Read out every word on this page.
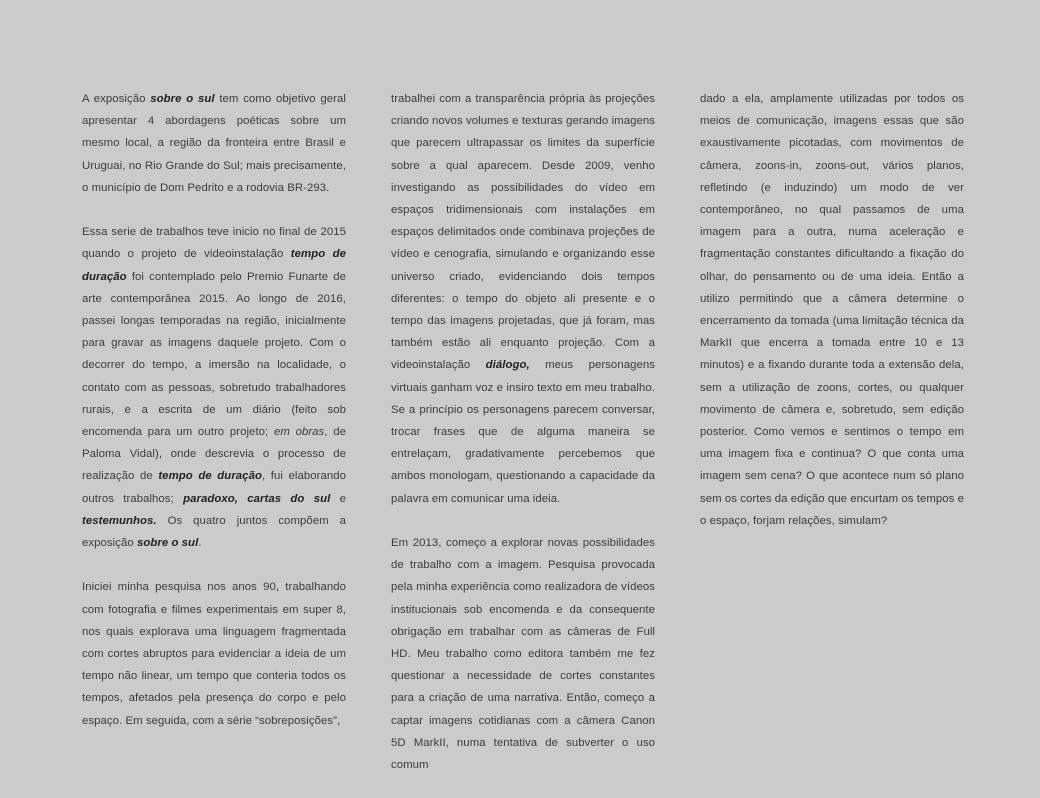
A exposição sobre o sul tem como objetivo geral apresentar 4 abordagens poéticas sobre um mesmo local, a região da fronteira entre Brasil e Uruguai, no Rio Grande do Sul; mais precisamente, o município de Dom Pedrito e a rodovia BR-293.

Essa serie de trabalhos teve inicio no final de 2015 quando o projeto de videoinstalação tempo de duração foi contemplado pelo Premio Funarte de arte contemporânea 2015. Ao longo de 2016, passei longas temporadas na região, inicialmente para gravar as imagens daquele projeto. Com o decorrer do tempo, a imersão na localidade, o contato com as pessoas, sobretudo trabalhadores rurais, e a escrita de um diário (feito sob encomenda para um outro projeto; em obras, de Paloma Vidal), onde descrevia o processo de realização de tempo de duração, fui elaborando outros trabalhos; paradoxo, cartas do sul e testemunhos. Os quatro juntos compõem a exposição sobre o sul.

Iniciei minha pesquisa nos anos 90, trabalhando com fotografia e filmes experimentais em super 8, nos quais explorava uma linguagem fragmentada com cortes abruptos para evidenciar a ideia de um tempo não linear, um tempo que conteria todos os tempos, afetados pela presença do corpo e pelo espaço. Em seguida, com a série “sobreposições”,

trabalhei com a transparência própria às projeções criando novos volumes e texturas gerando imagens que parecem ultrapassar os limites da superfície sobre a qual aparecem. Desde 2009, venho investigando as possibilidades do vídeo em espaços tridimensionais com instalações em espaços delimitados onde combinava projeções de vídeo e cenografia, simulando e organizando esse universo criado, evidenciando dois tempos diferentes: o tempo do objeto ali presente e o tempo das imagens projetadas, que já foram, mas também estão ali enquanto projeção. Com a videoinstalação diálogo, meus personagens virtuais ganham voz e insiro texto em meu trabalho. Se a princípio os personagens parecem conversar, trocar frases que de alguma maneira se entrelaçam, gradativamente percebemos que ambos monologam, questionando a capacidade da palavra em comunicar uma ideia.

Em 2013, começo a explorar novas possibilidades de trabalho com a imagem. Pesquisa provocada pela minha experiência como realizadora de vídeos institucionais sob encomenda e da consequente obrigação em trabalhar com as câmeras de Full HD. Meu trabalho como editora também me fez questionar a necessidade de cortes constantes para a criação de uma narrativa. Então, começo a captar imagens cotidianas com a câmera Canon 5D MarkII, numa tentativa de subverter o uso comum

dado a ela, amplamente utilizadas por todos os meios de comunicação, imagens essas que são exaustivamente picotadas, com movimentos de câmera, zoons-in, zoons-out, vários planos, refletindo (e induzindo) um modo de ver contemporâneo, no qual passamos de uma imagem para a outra, numa aceleração e fragmentação constantes dificultando a fixação do olhar, do pensamento ou de uma ideia. Então a utilizo permitindo que a câmera determine o encerramento da tomada (uma limitação técnica da MarkII que encerra a tomada entre 10 e 13 minutos) e a fixando durante toda a extensão dela, sem a utilização de zoons, cortes, ou qualquer movimento de câmera e, sobretudo, sem edição posterior. Como vemos e sentimos o tempo em uma imagem fixa e continua? O que conta uma imagem sem cena? O que acontece num só plano sem os cortes da edição que encurtam os tempos e o espaço, forjam relações, simulam?
